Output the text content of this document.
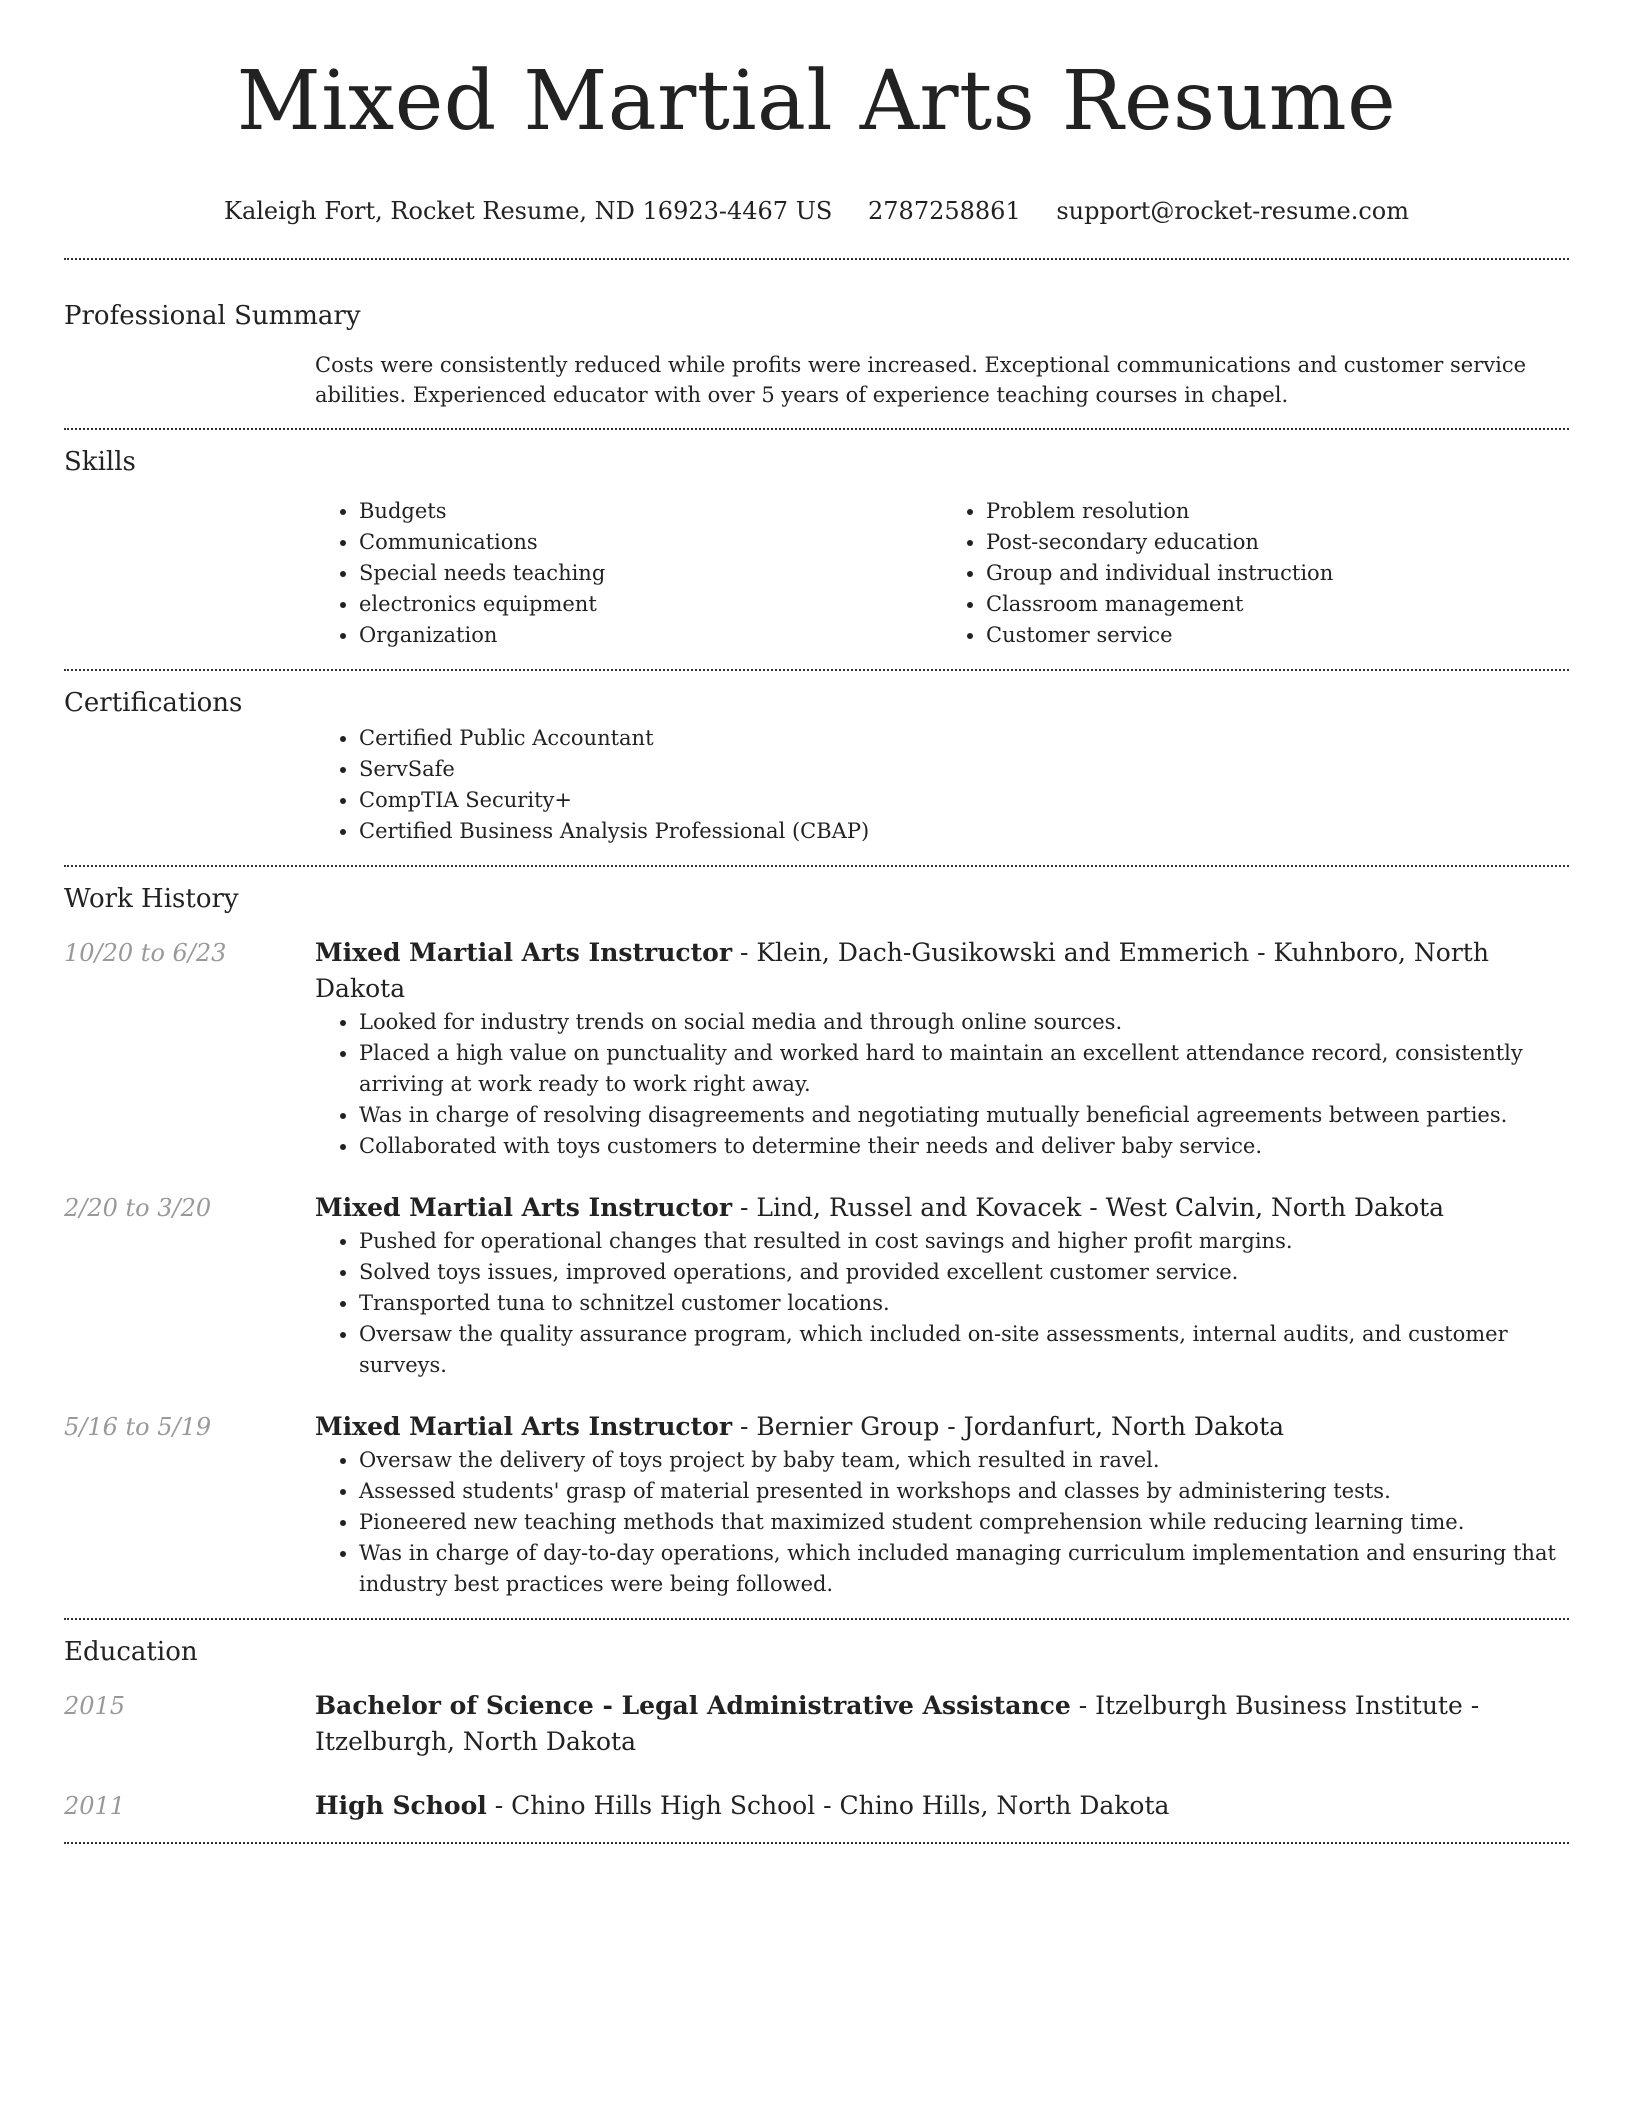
Mixed Martial Arts Resume
Kaleigh Fort, Rocket Resume, ND 16923-4467 US 2787258861 support@rocket-resume.com
Professional Summary
Costs were consistently reduced while profits were increased. Exceptional communications and customer service abilities. Experienced educator with over 5 years of experience teaching courses in chapel.
Skills
• Budgets
• Communications
• Special needs teaching
• electronics equipment
• Organization
• Problem resolution
• Post-secondary education
• Group and individual instruction
• Classroom management
• Customer service
Certifications
• Certified Public Accountant
• ServSafe
• CompTIA Security+
• Certified Business Analysis Professional (CBAP)
Work History
10/20 to 6/23	Mixed Martial Arts Instructor - Klein, Dach-Gusikowski and Emmerich - Kuhnboro, North Dakota
• Looked for industry trends on social media and through online sources.
• Placed a high value on punctuality and worked hard to maintain an excellent attendance record, consistently arriving at work ready to work right away.
• Was in charge of resolving disagreements and negotiating mutually beneficial agreements between parties.
• Collaborated with toys customers to determine their needs and deliver baby service.
2/20 to 3/20	Mixed Martial Arts Instructor - Lind, Russel and Kovacek - West Calvin, North Dakota
• Pushed for operational changes that resulted in cost savings and higher profit margins.
• Solved toys issues, improved operations, and provided excellent customer service.
• Transported tuna to schnitzel customer locations.
• Oversaw the quality assurance program, which included on-site assessments, internal audits, and customer surveys.
5/16 to 5/19	Mixed Martial Arts Instructor - Bernier Group - Jordanfurt, North Dakota
• Oversaw the delivery of toys project by baby team, which resulted in ravel.
• Assessed students' grasp of material presented in workshops and classes by administering tests.
• Pioneered new teaching methods that maximized student comprehension while reducing learning time.
• Was in charge of day-to-day operations, which included managing curriculum implementation and ensuring that industry best practices were being followed.
Education
2015	Bachelor of Science - Legal Administrative Assistance - Itzelburgh Business Institute - Itzelburgh, North Dakota
2011	High School - Chino Hills High School - Chino Hills, North Dakota
